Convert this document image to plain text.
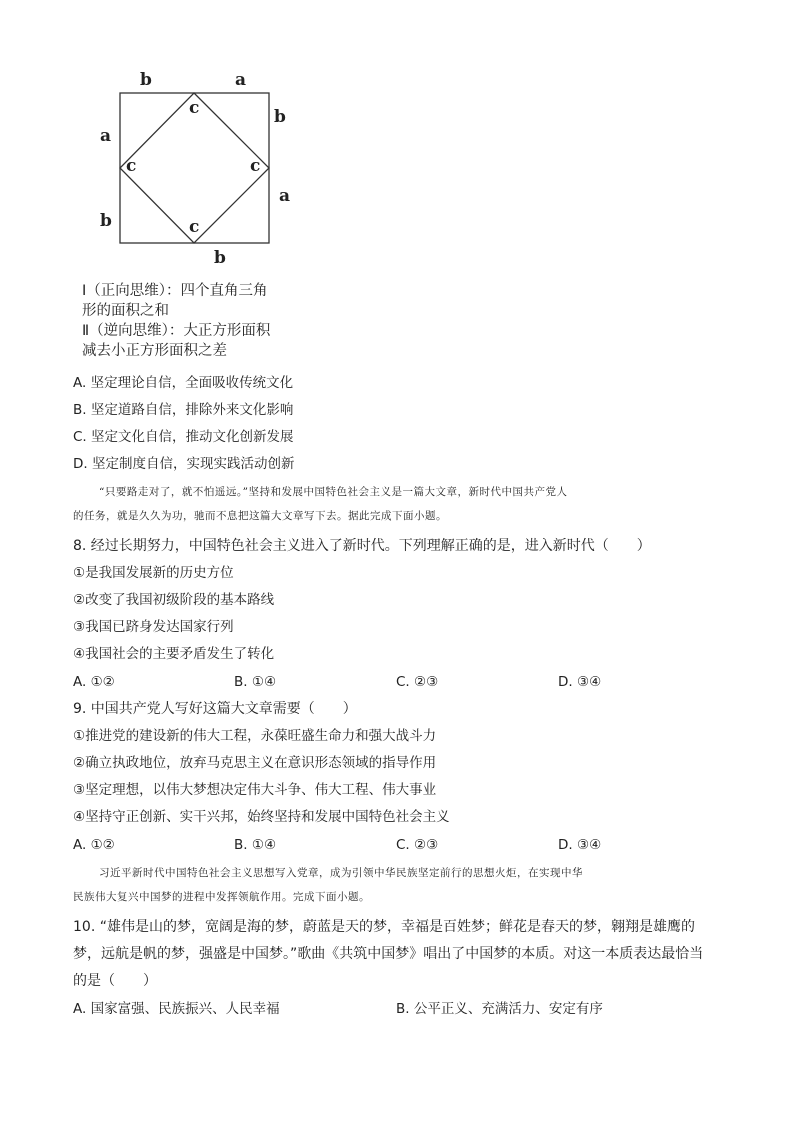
b	a
b
a
a
b
b
c
c	c
c
Ⅰ（正向思维）：四个直角三角
形的面积之和
Ⅱ（逆向思维）：大正方形面积
减去小正方形面积之差
A. 坚定理论自信，全面吸收传统文化
B. 坚定道路自信，排除外来文化影响
C. 坚定文化自信，推动文化创新发展
D. 坚定制度自信，实现实践活动创新
“只要路走对了，就不怕遥远。”坚持和发展中国特色社会主义是一篇大文章，新时代中国共产党人
的任务，就是久久为功，驰而不息把这篇大文章写下去。据此完成下面小题。
8. 经过长期努力，中国特色社会主义进入了新时代。下列理解正确的是，进入新时代（　　）
①是我国发展新的历史方位
②改变了我国初级阶段的基本路线
③我国已跻身发达国家行列
④我国社会的主要矛盾发生了转化
A. ①②	B. ①④	C. ②③	D. ③④
9. 中国共产党人写好这篇大文章需要（　　）
①推进党的建设新的伟大工程，永葆旺盛生命力和强大战斗力
②确立执政地位，放弃马克思主义在意识形态领域的指导作用
③坚定理想，以伟大梦想决定伟大斗争、伟大工程、伟大事业
④坚持守正创新、实干兴邦，始终坚持和发展中国特色社会主义
A. ①②	B. ①④	C. ②③	D. ③④
习近平新时代中国特色社会主义思想写入党章，成为引领中华民族坚定前行的思想火炬，在实现中华
民族伟大复兴中国梦的进程中发挥领航作用。完成下面小题。
10. “雄伟是山的梦，宽阔是海的梦，蔚蓝是天的梦，幸福是百姓梦；鲜花是春天的梦，翱翔是雄鹰的
梦，远航是帆的梦，强盛是中国梦。”歌曲《共筑中国梦》唱出了中国梦的本质。对这一本质表达最恰当
的是（　　）
A. 国家富强、民族振兴、人民幸福	B. 公平正义、充满活力、安定有序
